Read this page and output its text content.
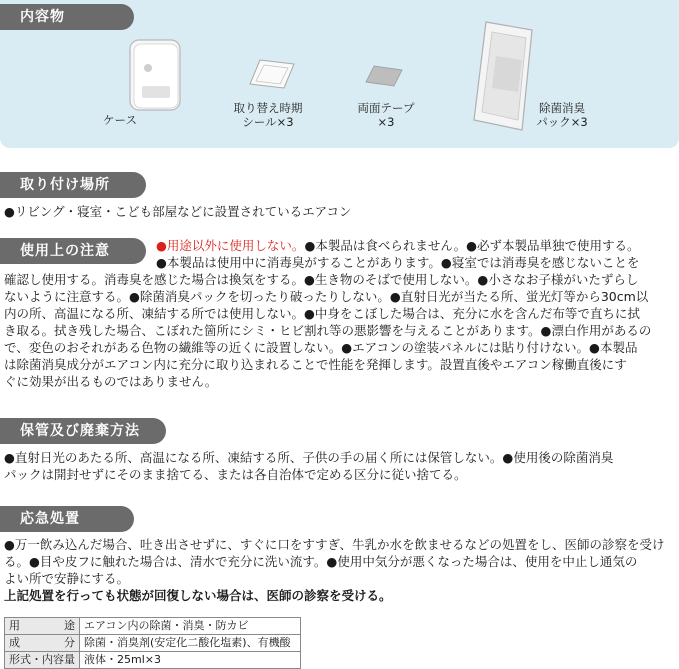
内容物
ケース
取り替え時期
シール×3
両面テープ
×3
除菌消臭
パック×3
取り付け場所
●リビング・寝室・こども部屋などに設置されているエアコン
使用上の注意	●用途以外に使用しない。●本製品は食べられません。●必ず本製品単独で使用する。
●本製品は使用中に消毒臭がすることがあります。●寝室では消毒臭を感じないことを
確認し使用する。消毒臭を感じた場合は換気をする。●生き物のそばで使用しない。●小さなお子様がいたずらし
ないように注意する。●除菌消臭パックを切ったり破ったりしない。●直射日光が当たる所、蛍光灯等から30cm以
内の所、高温になる所、凍結する所では使用しない。●中身をこぼした場合は、充分に水を含んだ布等で直ちに拭
き取る。拭き残した場合、こぼれた箇所にシミ・ヒビ割れ等の悪影響を与えることがあります。●漂白作用があるの
で、変色のおそれがある色物の繊維等の近くに設置しない。●エアコンの塗装パネルには貼り付けない。●本製品
は除菌消臭成分がエアコン内に充分に取り込まれることで性能を発揮します。設置直後やエアコン稼働直後にす
ぐに効果が出るものではありません。
保管及び廃棄方法
●直射日光のあたる所、高温になる所、凍結する所、子供の手の届く所には保管しない。●使用後の除菌消臭
パックは開封せずにそのまま捨てる、または各自治体で定める区分に従い捨てる。
応急処置
●万一飲み込んだ場合、吐き出させずに、すぐに口をすすぎ、牛乳か水を飲ませるなどの処置をし、医師の診察を受け
る。●目や皮フに触れた場合は、清水で充分に洗い流す。●使用中気分が悪くなった場合は、使用を中止し通気の
よい所で安静にする。
上記処置を行っても状態が回復しない場合は、医師の診察を受ける。
用途	エアコン内の除菌・消臭・防カビ
成分	除菌・消臭剤(安定化二酸化塩素)、有機酸
形式・内容量	液体・25ml×3
